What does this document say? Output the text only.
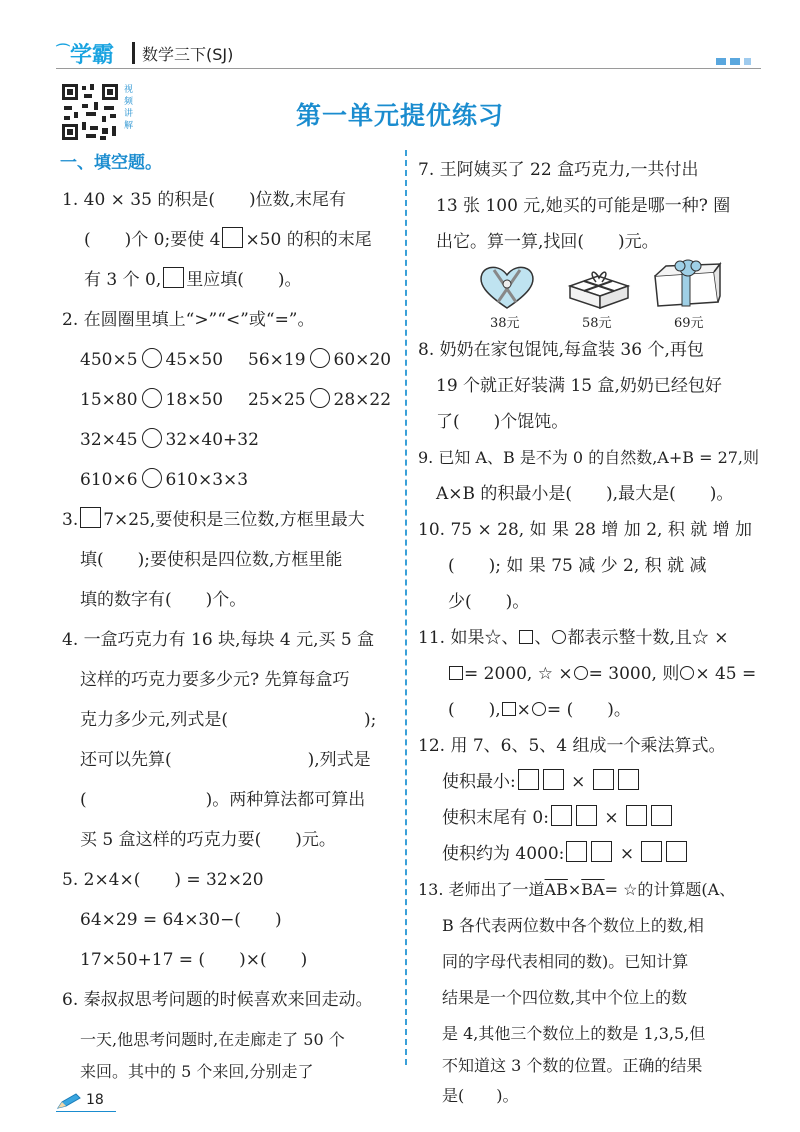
⌒学霸 数学三下(SJ)
视频讲解	第一单元提优练习
一、填空题。
1. 40 × 35 的积是(　　)位数,末尾有
(　　)个 0;要使 4 ×50 的积的末尾
有 3 个 0, 里应填(　　)。
2. 在圆圈里填上“>”“<”或“=”。
450×5 45×50 56×19 60×20
15×80 18×50 25×25 28×22
32×45 32×40+32
610×6 610×3×3
3. 7×25,要使积是三位数,方框里最大
填(　　);要使积是四位数,方框里能
填的数字有(　　)个。
4. 一盒巧克力有 16 块,每块 4 元,买 5 盒
这样的巧克力要多少元? 先算每盒巧
克力多少元,列式是(　　　　　　　　);
还可以先算(　　　　　　　　),列式是
(　　　　　　　)。两种算法都可算出
买 5 盒这样的巧克力要(　　)元。
5. 2×4×(　　) = 32×20
64×29 = 64×30−(　　)
17×50+17 = (　　)×(　　)
6. 秦叔叔思考问题的时候喜欢来回走动。
一天,他思考问题时,在走廊走了 50 个
来回。其中的 5 个来回,分别走了
7. 王阿姨买了 22 盒巧克力,一共付出
13 张 100 元,她买的可能是哪一种? 圈
出它。算一算,找回(　　)元。
38元	58元	69元
8. 奶奶在家包馄饨,每盒装 36 个,再包
19 个就正好装满 15 盒,奶奶已经包好
了(　　)个馄饨。
9. 已知 A、B 是不为 0 的自然数,A+B = 27,则
A×B 的积最小是(　　),最大是(　　)。
10. 75 × 28, 如 果 28 增 加 2, 积 就 增 加
(　　); 如 果 75 减 少 2, 积 就 减
少(　　)。
11. 如果☆、 、 都表示整十数,且☆ ×
= 2000, ☆ × = 3000, 则 × 45 =
(　　), × = (　　)。
12. 用 7、6、5、4 组成一个乘法算式。
使积最小:	×
使积末尾有 0:	×
使积约为 4000:	×
13. 老师出了一道$\overline{AB}\times\overline{BA}=$ ☆的计算题(A、
B 各代表两位数中各个数位上的数,相
同的字母代表相同的数)。已知计算
结果是一个四位数,其中个位上的数
是 4,其他三个数位上的数是 1,3,5,但
不知道这 3 个数的位置。正确的结果
是(　　)。
18
